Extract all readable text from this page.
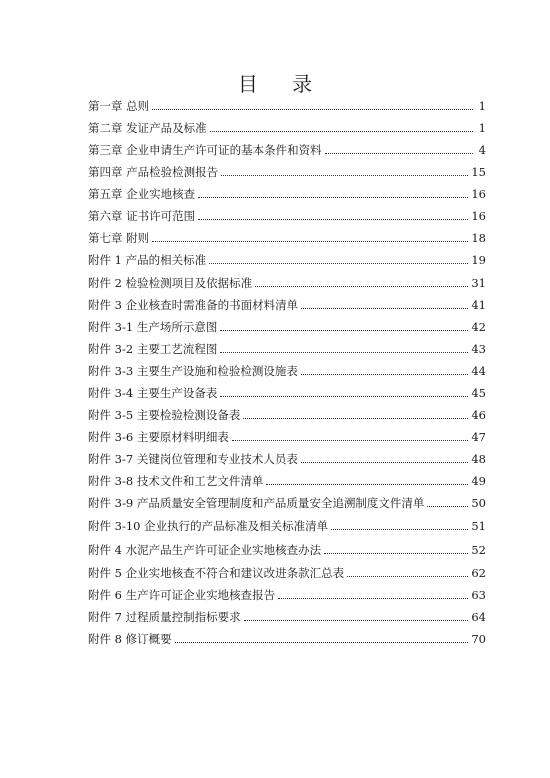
目 录
第一章 总则	1
第二章 发证产品及标准	1
第三章 企业申请生产许可证的基本条件和资料	4
第四章 产品检验检测报告	15
第五章 企业实地核查	16
第六章 证书许可范围	16
第七章 附则	18
附件 1 产品的相关标准	19
附件 2 检验检测项目及依据标准	31
附件 3 企业核查时需准备的书面材料清单	41
附件 3-1 生产场所示意图	42
附件 3-2 主要工艺流程图	43
附件 3-3 主要生产设施和检验检测设施表	44
附件 3-4 主要生产设备表	45
附件 3-5 主要检验检测设备表	46
附件 3-6 主要原材料明细表	47
附件 3-7 关键岗位管理和专业技术人员表	48
附件 3-8 技术文件和工艺文件清单	49
附件 3-9 产品质量安全管理制度和产品质量安全追溯制度文件清单	50
附件 3-10 企业执行的产品标准及相关标准清单	51
附件 4 水泥产品生产许可证企业实地核查办法	52
附件 5 企业实地核查不符合和建议改进条款汇总表	62
附件 6 生产许可证企业实地核查报告	63
附件 7 过程质量控制指标要求	64
附件 8 修订概要	70
